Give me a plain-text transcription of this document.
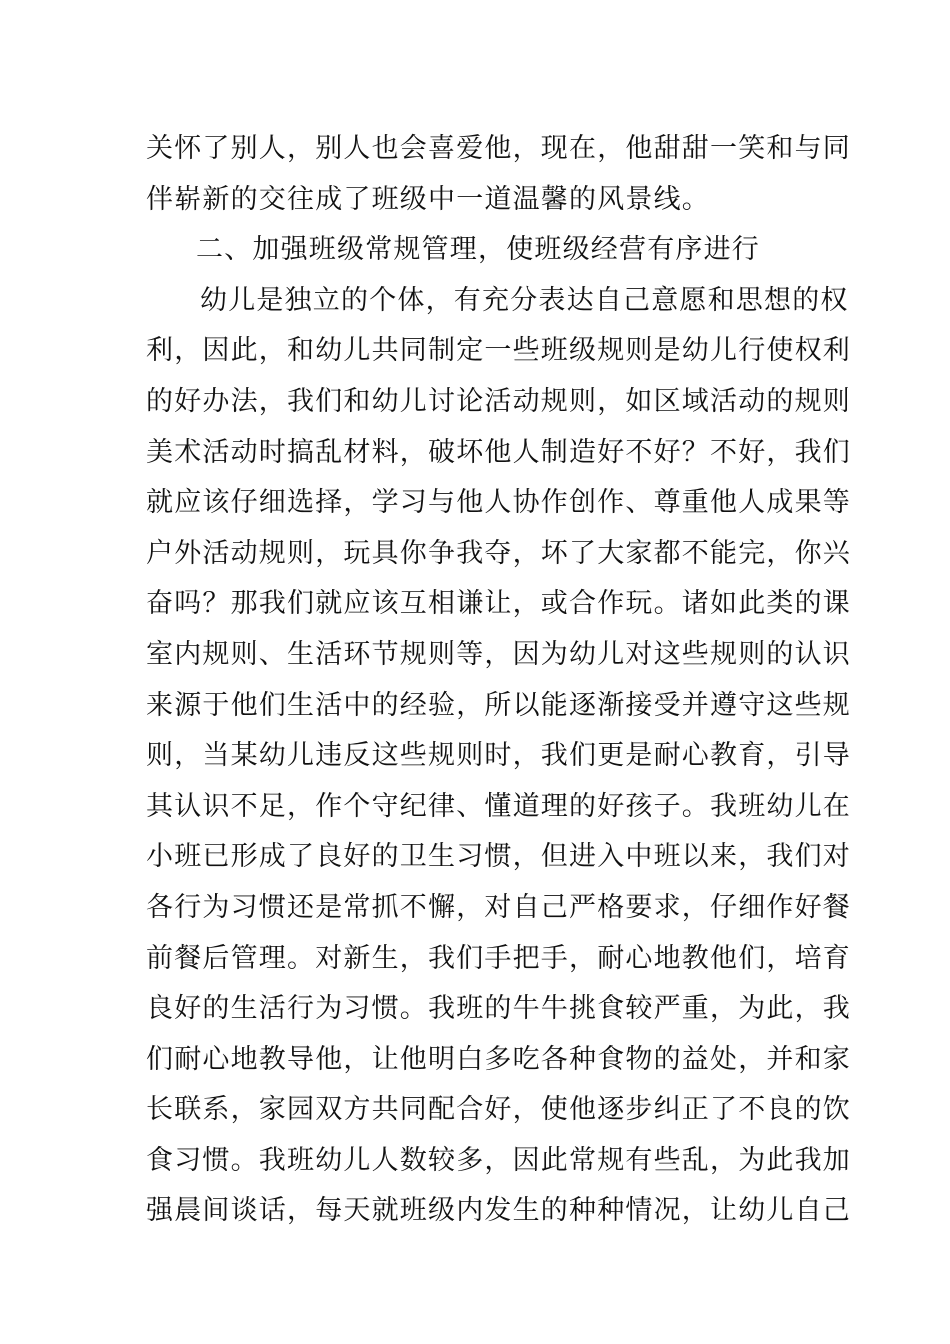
关怀了别人，别人也会喜爱他，现在，他甜甜一笑和与同
伴崭新的交往成了班级中一道温馨的风景线。
二、加强班级常规管理，使班级经营有序进行
幼儿是独立的个体，有充分表达自己意愿和思想的权
利，因此，和幼儿共同制定一些班级规则是幼儿行使权利
的好办法，我们和幼儿讨论活动规则，如区域活动的规则
美术活动时搞乱材料，破坏他人制造好不好？不好，我们
就应该仔细选择，学习与他人协作创作、尊重他人成果等
户外活动规则，玩具你争我夺，坏了大家都不能完，你兴
奋吗？那我们就应该互相谦让，或合作玩。诸如此类的课
室内规则、生活环节规则等，因为幼儿对这些规则的认识
来源于他们生活中的经验，所以能逐渐接受并遵守这些规
则，当某幼儿违反这些规则时，我们更是耐心教育，引导
其认识不足，作个守纪律、懂道理的好孩子。我班幼儿在
小班已形成了良好的卫生习惯，但进入中班以来，我们对
各行为习惯还是常抓不懈，对自己严格要求，仔细作好餐
前餐后管理。对新生，我们手把手，耐心地教他们，培育
良好的生活行为习惯。我班的牛牛挑食较严重，为此，我
们耐心地教导他，让他明白多吃各种食物的益处，并和家
长联系，家园双方共同配合好，使他逐步纠正了不良的饮
食习惯。我班幼儿人数较多，因此常规有些乱，为此我加
强晨间谈话，每天就班级内发生的种种情况，让幼儿自己
